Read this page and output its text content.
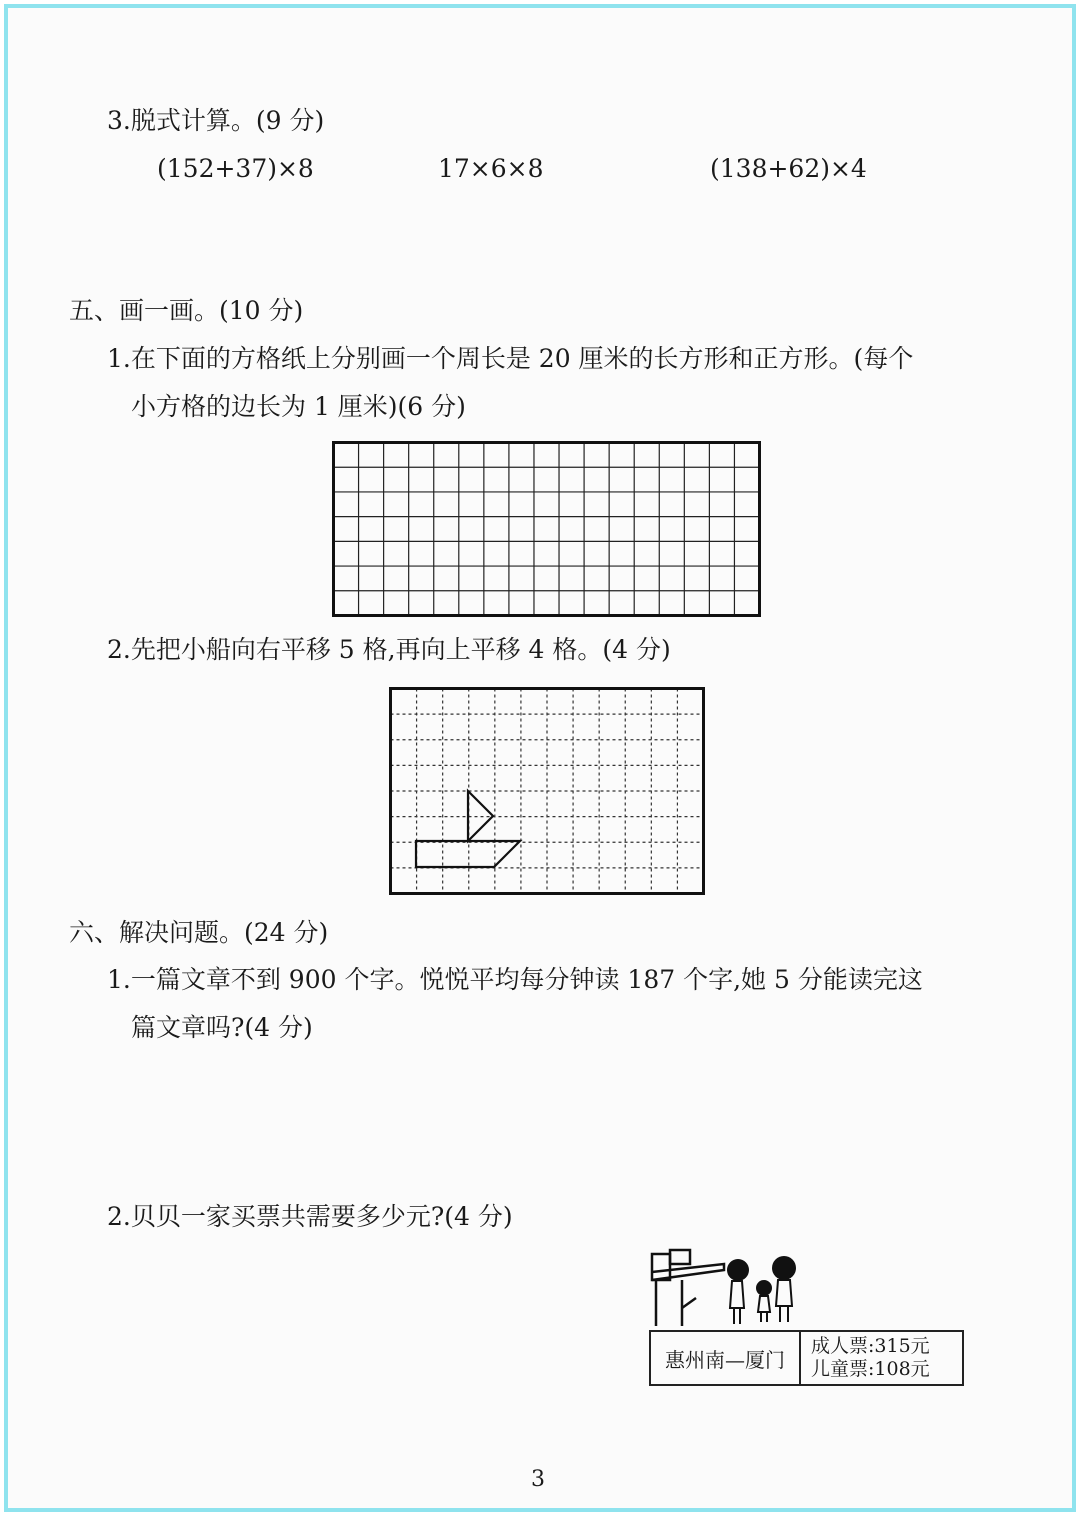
3.脱式计算。(9 分)
(152+37)×8	17×6×8	(138+62)×4
五、画一画。(10 分)
1.在下面的方格纸上分别画一个周长是 20 厘米的长方形和正方形。(每个
小方格的边长为 1 厘米)(6 分)
2.先把小船向右平移 5 格,再向上平移 4 格。(4 分)
六、解决问题。(24 分)
1.一篇文章不到 900 个字。悦悦平均每分钟读 187 个字,她 5 分能读完这
篇文章吗?(4 分)
2.贝贝一家买票共需要多少元?(4 分)
惠州南—厦门
成人票:315元
儿童票:108元
3
